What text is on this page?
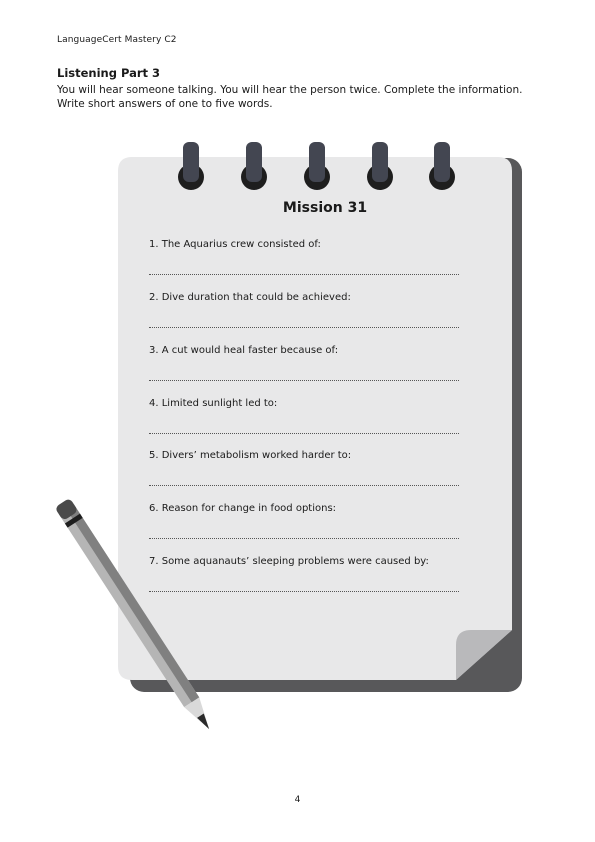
LanguageCert Mastery C2
Listening Part 3
You will hear someone talking. You will hear the person twice. Complete the information. Write short answers of one to five words.
Mission 31
1. The Aquarius crew consisted of:
2. Dive duration that could be achieved:
3. A cut would heal faster because of:
4. Limited sunlight led to:
5. Divers’ metabolism worked harder to:
6. Reason for change in food options:
7. Some aquanauts’ sleeping problems were caused by:
4
